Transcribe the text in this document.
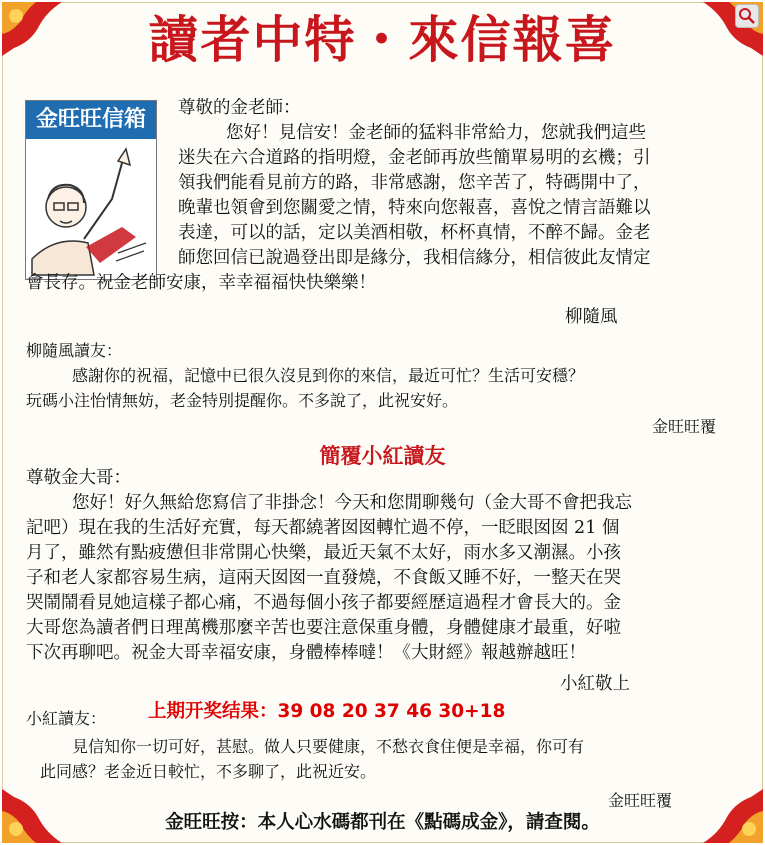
讀者中特・來信報喜
金旺旺信箱	尊敬的金老師：
您好！見信安！金老師的猛料非常給力，您就我們這些
迷失在六合道路的指明燈，金老師再放些簡單易明的玄機；引
領我們能看見前方的路，非常感謝，您辛苦了，特碼開中了，
晚輩也領會到您關愛之情，特來向您報喜，喜悅之情言語難以
表達，可以的話，定以美酒相敬，杯杯真情，不醉不歸。金老
師您回信已說過登出即是緣分，我相信緣分，相信彼此友情定
會長存。祝金老師安康，幸幸福福快快樂樂！
柳隨風
柳隨風讀友：
感謝你的祝福，記憶中已很久沒見到你的來信，最近可忙？生活可安穩？
玩碼小注怡情無妨，老金特別提醒你。不多說了，此祝安好。
金旺旺覆
簡覆小紅讀友
尊敬金大哥：
您好！好久無給您寫信了非掛念！今天和您閒聊幾句（金大哥不會把我忘
記吧）現在我的生活好充實，每天都繞著囡囡轉忙過不停，一眨眼囡囡 21 個
月了，雖然有點疲憊但非常開心快樂，最近天氣不太好，雨水多又潮濕。小孩
子和老人家都容易生病，這兩天囡囡一直發燒，不食飯又睡不好，一整天在哭
哭鬧鬧看見她這樣子都心痛，不過每個小孩子都要經歷這過程才會長大的。金
大哥您為讀者們日理萬機那麼辛苦也要注意保重身體，身體健康才最重，好啦
下次再聊吧。祝金大哥幸福安康，身體棒棒噠！《大財經》報越辦越旺！
小紅敬上
上期开奖结果：39 08 20 37 46 30+18
小紅讀友：
見信知你一切可好，甚慰。做人只要健康，不愁衣食住便是幸福，你可有
此同感？老金近日較忙，不多聊了，此祝近安。
金旺旺覆
金旺旺按：本人心水碼都刊在《點碼成金》，請查閱。
